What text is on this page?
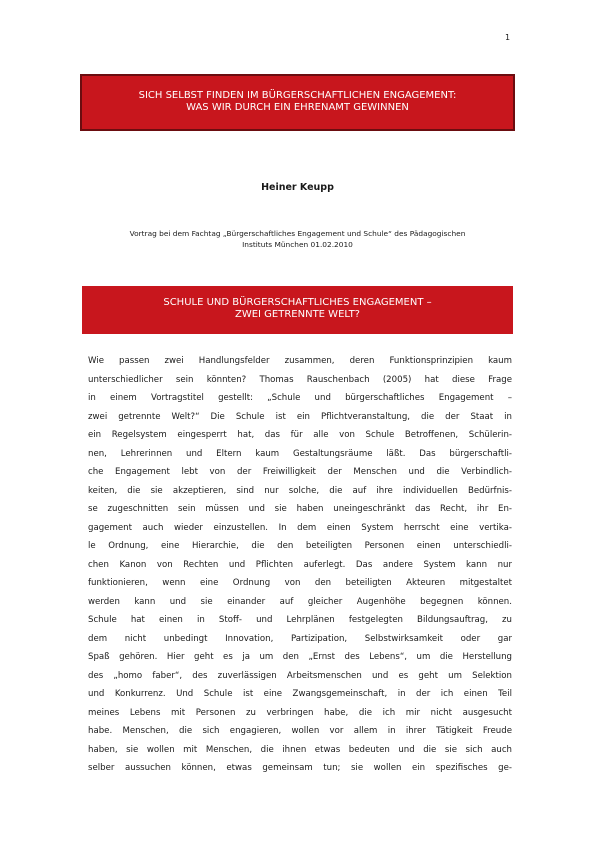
1
SICH SELBST FINDEN IM BÜRGERSCHAFTLICHEN ENGAGEMENT:
WAS WIR DURCH EIN EHRENAMT GEWINNEN
Heiner Keupp
Vortrag bei dem Fachtag „Bürgerschaftliches Engagement und Schule“ des Pädagogischen
Instituts München 01.02.2010
SCHULE UND BÜRGERSCHAFTLICHES ENGAGEMENT –
ZWEI GETRENNTE WELT?
Wie passen zwei Handlungsfelder zusammen, deren Funktionsprinzipien kaum
unterschiedlicher sein könnten? Thomas Rauschenbach (2005) hat diese Frage
in einem Vortragstitel gestellt: „Schule und bürgerschaftliches Engagement –
zwei getrennte Welt?“ Die Schule ist ein Pflichtveranstaltung, die der Staat in
ein Regelsystem eingesperrt hat, das für alle von Schule Betroffenen, Schülerin-
nen, Lehrerinnen und Eltern kaum Gestaltungsräume läßt. Das bürgerschaftli-
che Engagement lebt von der Freiwilligkeit der Menschen und die Verbindlich-
keiten, die sie akzeptieren, sind nur solche, die auf ihre individuellen Bedürfnis-
se zugeschnitten sein müssen und sie haben uneingeschränkt das Recht, ihr En-
gagement auch wieder einzustellen. In dem einen System herrscht eine vertika-
le Ordnung, eine Hierarchie, die den beteiligten Personen einen unterschiedli-
chen Kanon von Rechten und Pflichten auferlegt. Das andere System kann nur
funktionieren, wenn eine Ordnung von den beteiligten Akteuren mitgestaltet
werden kann und sie einander auf gleicher Augenhöhe begegnen können.
Schule hat einen in Stoff- und Lehrplänen festgelegten Bildungsauftrag, zu
dem nicht unbedingt Innovation, Partizipation, Selbstwirksamkeit oder gar
Spaß gehören. Hier geht es ja um den „Ernst des Lebens“, um die Herstellung
des „homo faber“, des zuverlässigen Arbeitsmenschen und es geht um Selektion
und Konkurrenz. Und Schule ist eine Zwangsgemeinschaft, in der ich einen Teil
meines Lebens mit Personen zu verbringen habe, die ich mir nicht ausgesucht
habe. Menschen, die sich engagieren, wollen vor allem in ihrer Tätigkeit Freude
haben, sie wollen mit Menschen, die ihnen etwas bedeuten und die sie sich auch
selber aussuchen können, etwas gemeinsam tun; sie wollen ein spezifisches ge-
